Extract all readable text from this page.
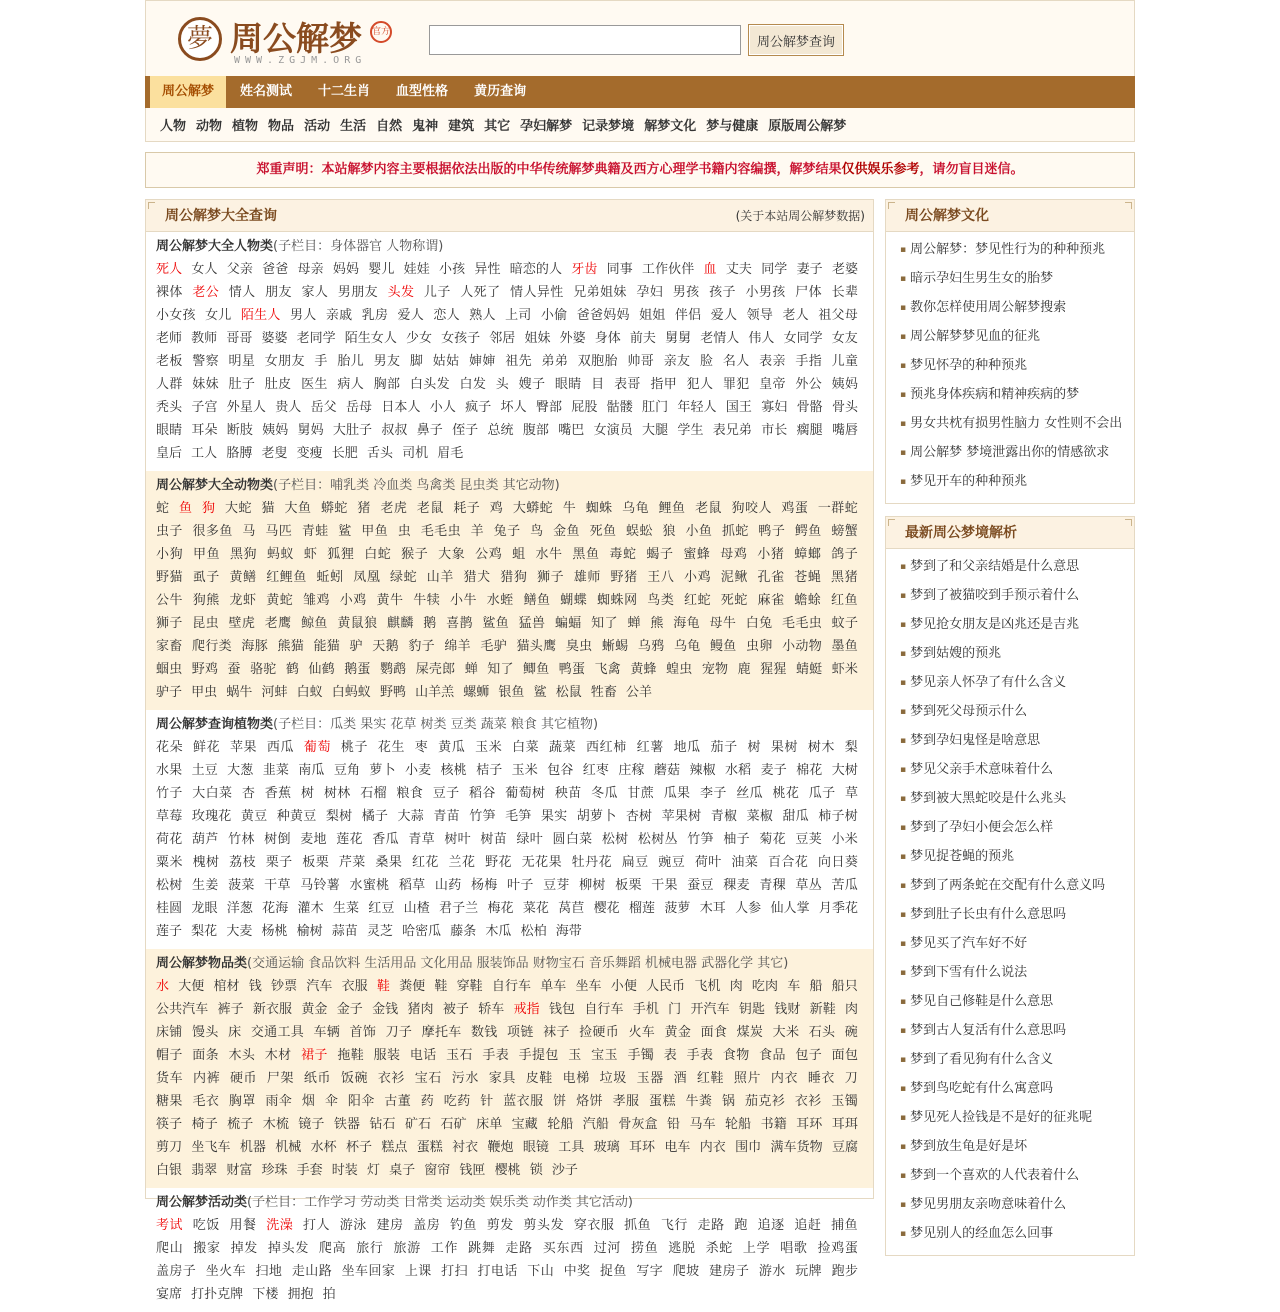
夢 周公解梦 官方
WWW.ZGJM.ORG
周公解梦查询
周公解梦	姓名测试	十二生肖	血型性格	黄历查询
人物 动物 植物 物品 活动 生活 自然 鬼神 建筑 其它 孕妇解梦 记录梦境 解梦文化 梦与健康 原版周公解梦
郑重声明：本站解梦内容主要根据依法出版的中华传统解梦典籍及西方心理学书籍内容编撰，解梦结果仅供娱乐参考，请勿盲目迷信。
周公解梦大全查询	(关于本站周公解梦数据)
周公解梦大全人物类(子栏目：身体器官 人物称谓)
死人 女人 父亲 爸爸 母亲 妈妈 婴儿 娃娃 小孩 异性 暗恋的人 牙齿 同事 工作伙伴 血 丈夫 同学 妻子 老婆 裸体 老公 情人 朋友 家人 男朋友 头发 儿子 人死了 情人异性 兄弟姐妹 孕妇 男孩 孩子 小男孩 尸体 长辈 小女孩 女儿 陌生人 男人 亲戚 乳房 爱人 恋人 熟人 上司 小偷 爸爸妈妈 姐姐 伴侣 爱人 领导 老人 祖父母 老师 教师 哥哥 婆婆 老同学 陌生女人 少女 女孩子 邻居 姐妹 外婆 身体 前夫 舅舅 老情人 伟人 女同学 女友 老板 警察 明星 女朋友 手 胎儿 男友 脚 姑姑 婶婶 祖先 弟弟 双胞胎 帅哥 亲友 脸 名人 表亲 手指 儿童 人群 妹妹 肚子 肚皮 医生 病人 胸部 白头发 白发 头 嫂子 眼睛 目 表哥 指甲 犯人 罪犯 皇帝 外公 姨妈 秃头 子宫 外星人 贵人 岳父 岳母 日本人 小人 疯子 坏人 臀部 屁股 骷髅 肛门 年轻人 国王 寡妇 骨骼 骨头 眼睛 耳朵 断肢 姨妈 舅妈 大肚子 叔叔 鼻子 侄子 总统 腹部 嘴巴 女演员 大腿 学生 表兄弟 市长 瘸腿 嘴唇 皇后 工人 胳膊 老叟 变瘦 长肥 舌头 司机 眉毛
周公解梦大全动物类(子栏目：哺乳类 冷血类 鸟禽类 昆虫类 其它动物)
蛇 鱼 狗 大蛇 猫 大鱼 蟒蛇 猪 老虎 老鼠 耗子 鸡 大蟒蛇 牛 蜘蛛 乌龟 鲤鱼 老鼠 狗咬人 鸡蛋 一群蛇 虫子 很多鱼 马 马匹 青蛙 鲨 甲鱼 虫 毛毛虫 羊 兔子 鸟 金鱼 死鱼 蜈蚣 狼 小鱼 抓蛇 鸭子 鳄鱼 螃蟹 小狗 甲鱼 黑狗 蚂蚁 虾 狐狸 白蛇 猴子 大象 公鸡 蛆 水牛 黑鱼 毒蛇 蝎子 蜜蜂 母鸡 小猪 蟑螂 鸽子 野猫 虱子 黄鳝 红鲤鱼 蚯蚓 凤凰 绿蛇 山羊 猎犬 猎狗 狮子 雄师 野猪 王八 小鸡 泥鳅 孔雀 苍蝇 黑猪 公牛 狗熊 龙虾 黄蛇 雏鸡 小鸡 黄牛 牛犊 小牛 水蛭 鳝鱼 蝴蝶 蜘蛛网 鸟类 红蛇 死蛇 麻雀 蟾蜍 红鱼 狮子 昆虫 壁虎 老鹰 鲸鱼 黄鼠狼 麒麟 鹅 喜鹊 鲨鱼 猛兽 蝙蝠 知了 蝉 熊 海龟 母牛 白兔 毛毛虫 蚊子 家畜 爬行类 海豚 熊猫 能猫 驴 天鹅 豹子 绵羊 毛驴 猫头鹰 臭虫 蜥蜴 乌鸦 乌龟 鳗鱼 虫卵 小动物 墨鱼 蝈虫 野鸡 蚕 骆驼 鹤 仙鹤 鹅蛋 鹦鹉 屎壳郎 蝉 知了 鲫鱼 鸭蛋 飞禽 黄蜂 蝗虫 宠物 鹿 猩猩 蜻蜓 虾米 驴子 甲虫 蜗牛 河蚌 白蚁 白蚂蚁 野鸭 山羊羔 螺蛳 银鱼 鲨 松鼠 牲畜 公羊
周公解梦查询植物类(子栏目：瓜类 果实 花草 树类 豆类 蔬菜 粮食 其它植物)
花朵 鲜花 苹果 西瓜 葡萄 桃子 花生 枣 黄瓜 玉米 白菜 蔬菜 西红柿 红薯 地瓜 茄子 树 果树 树木 梨 水果 土豆 大葱 韭菜 南瓜 豆角 萝卜 小麦 核桃 桔子 玉米 包谷 红枣 庄稼 蘑菇 辣椒 水稻 麦子 棉花 大树 竹子 大白菜 杏 香蕉 树 树林 石榴 粮食 豆子 稻谷 葡萄树 秧苗 冬瓜 甘蔗 瓜果 李子 丝瓜 桃花 瓜子 草 草莓 玫瑰花 黄豆 种黄豆 梨树 橘子 大蒜 青苗 竹笋 毛笋 果实 胡萝卜 杏树 苹果树 青椒 菜椒 甜瓜 柿子树 荷花 葫芦 竹林 树倒 麦地 莲花 香瓜 青草 树叶 树苗 绿叶 圆白菜 松树 松树丛 竹笋 柚子 菊花 豆荚 小米 粟米 槐树 荔枝 栗子 板栗 芹菜 桑果 红花 兰花 野花 无花果 牡丹花 扁豆 豌豆 荷叶 油菜 百合花 向日葵 松树 生姜 菠菜 干草 马铃薯 水蜜桃 稻草 山药 杨梅 叶子 豆芽 柳树 板栗 干果 蚕豆 稞麦 青稞 草丛 苦瓜 桂圆 龙眼 洋葱 花海 灌木 生菜 红豆 山楂 君子兰 梅花 菜花 莴苣 樱花 榴莲 菠萝 木耳 人参 仙人掌 月季花 莲子 梨花 大麦 杨桃 榆树 蒜苗 灵芝 哈密瓜 藤条 木瓜 松柏 海带
周公解梦物品类(交通运输 食品饮料 生活用品 文化用品 服装饰品 财物宝石 音乐舞蹈 机械电器 武器化学 其它)
水 大便 棺材 钱 钞票 汽车 衣服 鞋 粪便 鞋 穿鞋 自行车 单车 坐车 小便 人民币 飞机 肉 吃肉 车 船 船只 公共汽车 裤子 新衣服 黄金 金子 金钱 猪肉 被子 轿车 戒指 钱包 自行车 手机 门 开汽车 钥匙 钱财 新鞋 肉 床铺 馒头 床 交通工具 车辆 首饰 刀子 摩托车 数钱 项链 袜子 捡硬币 火车 黄金 面食 煤炭 大米 石头 碗 帽子 面条 木头 木材 裙子 拖鞋 服装 电话 玉石 手表 手提包 玉 宝玉 手镯 表 手表 食物 食品 包子 面包 货车 内裤 硬币 尸架 纸币 饭碗 衣衫 宝石 污水 家具 皮鞋 电梯 垃圾 玉器 酒 红鞋 照片 内衣 睡衣 刀 糖果 毛衣 胸罩 雨伞 烟 伞 阳伞 古董 药 吃药 针 蓝衣服 饼 烙饼 孝服 蛋糕 牛粪 锅 茄克衫 衣衫 玉镯 筷子 椅子 梳子 木梳 镜子 铁器 钻石 矿石 石矿 床单 宝藏 轮船 汽船 骨灰盒 铅 马车 轮船 书籍 耳环 耳珥 剪刀 坐飞车 机器 机械 水杯 杯子 糕点 蛋糕 衬衣 鞭炮 眼镜 工具 玻璃 耳环 电车 内衣 围巾 满车货物 豆腐 白银 翡翠 财富 珍珠 手套 时装 灯 桌子 窗帘 钱匣 樱桃 锁 沙子
周公解梦活动类(子栏目：工作学习 劳动类 日常类 运动类 娱乐类 动作类 其它活动)
考试 吃饭 用餐 洗澡 打人 游泳 建房 盖房 钓鱼 剪发 剪头发 穿衣服 抓鱼 飞行 走路 跑 追逐 追赶 捕鱼 爬山 搬家 掉发 掉头发 爬高 旅行 旅游 工作 跳舞 走路 买东西 过河 捞鱼 逃脱 杀蛇 上学 唱歌 捡鸡蛋 盖房子 坐火车 扫地 走山路 坐车回家 上课 打扫 打电话 下山 中奖 捉鱼 写字 爬坡 建房子 游水 玩牌 跑步 宴席 打扑克牌 下楼 拥抱 拍
周公解梦文化
▪ 周公解梦：梦见性行为的种种预兆
▪ 暗示孕妇生男生女的胎梦
▪ 教你怎样使用周公解梦搜索
▪ 周公解梦梦见血的征兆
▪ 梦见怀孕的种种预兆
▪ 预兆身体疾病和精神疾病的梦
▪ 男女共枕有损男性脑力 女性则不会出
▪ 周公解梦 梦境泄露出你的情感欲求
▪ 梦见开车的种种预兆
最新周公梦境解析
▪ 梦到了和父亲结婚是什么意思
▪ 梦到了被猫咬到手预示着什么
▪ 梦见抢女朋友是凶兆还是吉兆
▪ 梦到姑嫂的预兆
▪ 梦见亲人怀孕了有什么含义
▪ 梦到死父母预示什么
▪ 梦到孕妇鬼怪是啥意思
▪ 梦见父亲手术意味着什么
▪ 梦到被大黑蛇咬是什么兆头
▪ 梦到了孕妇小便会怎么样
▪ 梦见捉苍蝇的预兆
▪ 梦到了两条蛇在交配有什么意义吗
▪ 梦到肚子长虫有什么意思吗
▪ 梦见买了汽车好不好
▪ 梦到下雪有什么说法
▪ 梦见自己修鞋是什么意思
▪ 梦到古人复活有什么意思吗
▪ 梦到了看见狗有什么含义
▪ 梦到鸟吃蛇有什么寓意吗
▪ 梦见死人捡钱是不是好的征兆呢
▪ 梦到放生龟是好是坏
▪ 梦到一个喜欢的人代表着什么
▪ 梦见男朋友亲吻意味着什么
▪ 梦见别人的经血怎么回事
